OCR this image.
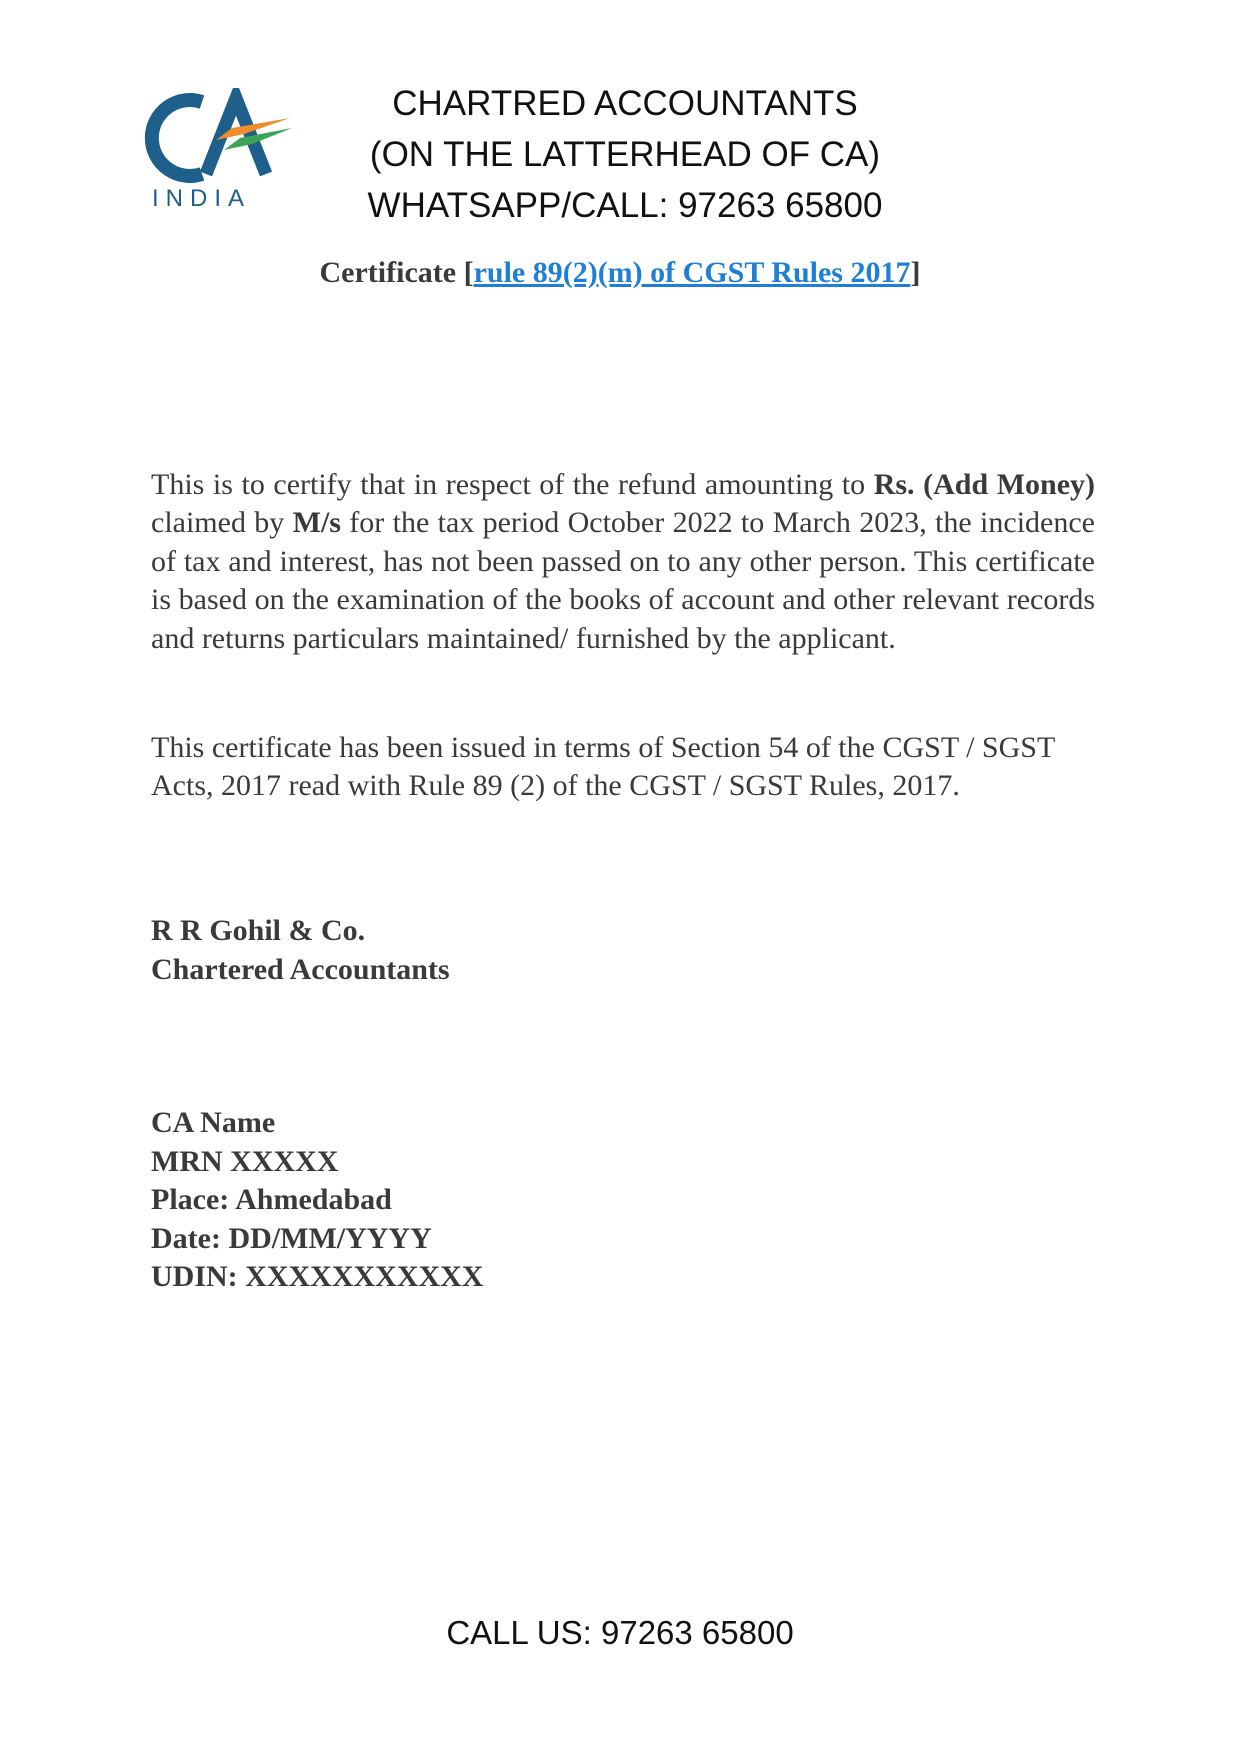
INDIA
CHARTRED ACCOUNTANTS
(ON THE LATTERHEAD OF CA)
WHATSAPP/CALL: 97263 65800
Certificate [rule 89(2)(m) of CGST Rules 2017]

This is to certify that in respect of the refund amounting to Rs. (Add Money) claimed by M/s for the tax period October 2022 to March 2023, the incidence of tax and interest, has not been passed on to any other person. This certificate is based on the examination of the books of account and other relevant records and returns particulars maintained/ furnished by the applicant.

This certificate has been issued in terms of Section 54 of the CGST / SGST Acts, 2017 read with Rule 89 (2) of the CGST / SGST Rules, 2017.

R R Gohil & Co.
Chartered Accountants
CA Name
MRN XXXXX
Place: Ahmedabad
Date: DD/MM/YYYY
UDIN: XXXXXXXXXXX
CALL US: 97263 65800
